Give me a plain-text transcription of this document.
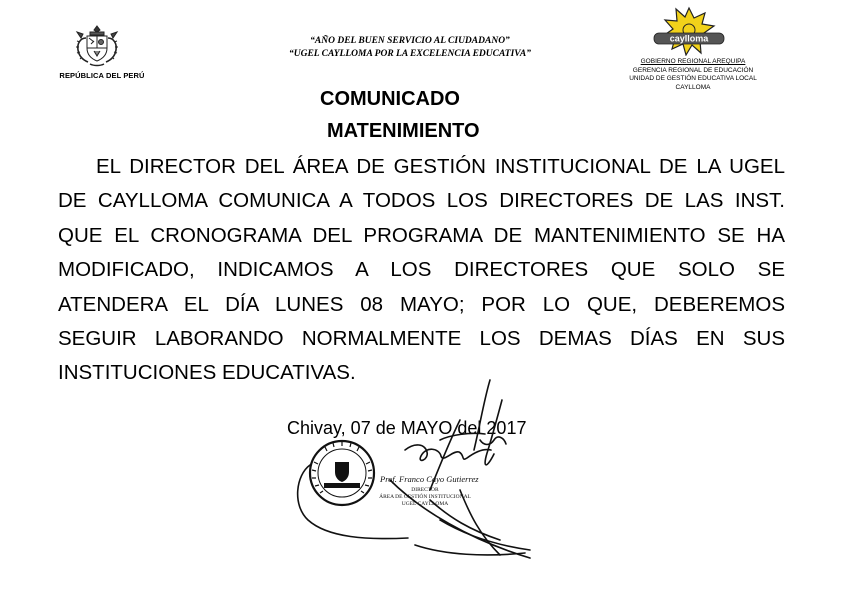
REPÚBLICA DEL PERÚ
“AÑO DEL BUEN SERVICIO AL CIUDADANO”
“UGEL CAYLLOMA POR LA EXCELENCIA EDUCATIVA”
caylloma
GOBIERNO REGIONAL AREQUIPA
GERENCIA REGIONAL DE EDUCACIÓN
UNIDAD DE GESTIÓN EDUCATIVA LOCAL
CAYLLOMA
COMUNICADO
MATENIMIENTO
EL DIRECTOR DEL ÁREA DE GESTIÓN INSTITUCIONAL DE LA UGEL
DE CAYLLOMA COMUNICA A TODOS LOS DIRECTORES DE LAS INST.
QUE EL CRONOGRAMA DEL PROGRAMA DE MANTENIMIENTO SE HA
MODIFICADO, INDICAMOS A LOS DIRECTORES QUE SOLO SE
ATENDERA EL DÍA LUNES 08 MAYO; POR LO QUE, DEBEREMOS
SEGUIR LABORANDO NORMALMENTE LOS DEMAS DÍAS EN SUS
INSTITUCIONES EDUCATIVAS.
Chivay, 07 de MAYO del 2017
Prof. Franco Cayo Gutierrez
DIRECTOR
ÁREA DE GESTIÓN INSTITUCIONAL
UGEL CAYLLOMA
